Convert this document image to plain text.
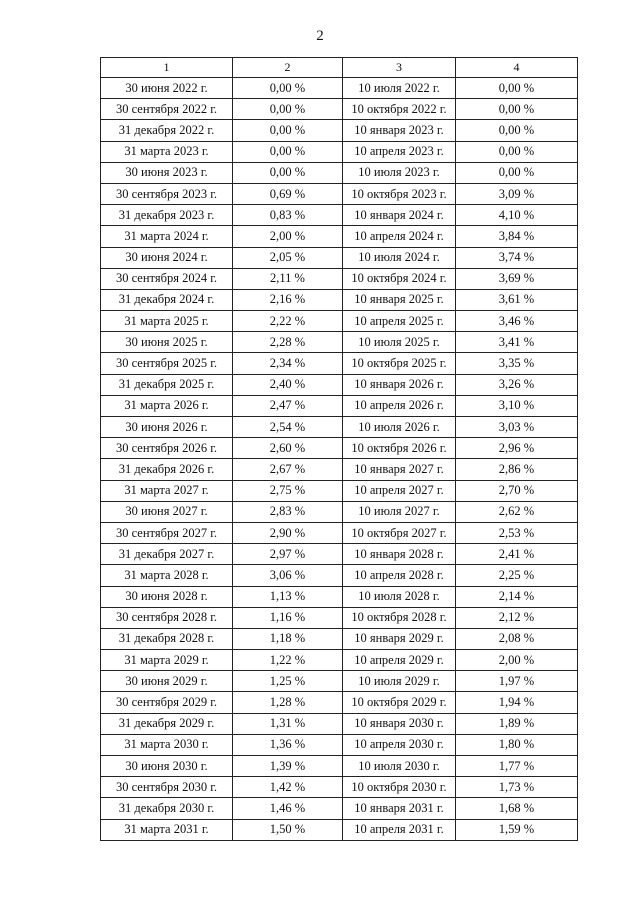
2
1	2	3	4
30 июня 2022 г.	0,00 %	10 июля 2022 г.	0,00 %
30 сентября 2022 г.	0,00 %	10 октября 2022 г.	0,00 %
31 декабря 2022 г.	0,00 %	10 января 2023 г.	0,00 %
31 марта 2023 г.	0,00 %	10 апреля 2023 г.	0,00 %
30 июня 2023 г.	0,00 %	10 июля 2023 г.	0,00 %
30 сентября 2023 г.	0,69 %	10 октября 2023 г.	3,09 %
31 декабря 2023 г.	0,83 %	10 января 2024 г.	4,10 %
31 марта 2024 г.	2,00 %	10 апреля 2024 г.	3,84 %
30 июня 2024 г.	2,05 %	10 июля 2024 г.	3,74 %
30 сентября 2024 г.	2,11 %	10 октября 2024 г.	3,69 %
31 декабря 2024 г.	2,16 %	10 января 2025 г.	3,61 %
31 марта 2025 г.	2,22 %	10 апреля 2025 г.	3,46 %
30 июня 2025 г.	2,28 %	10 июля 2025 г.	3,41 %
30 сентября 2025 г.	2,34 %	10 октября 2025 г.	3,35 %
31 декабря 2025 г.	2,40 %	10 января 2026 г.	3,26 %
31 марта 2026 г.	2,47 %	10 апреля 2026 г.	3,10 %
30 июня 2026 г.	2,54 %	10 июля 2026 г.	3,03 %
30 сентября 2026 г.	2,60 %	10 октября 2026 г.	2,96 %
31 декабря 2026 г.	2,67 %	10 января 2027 г.	2,86 %
31 марта 2027 г.	2,75 %	10 апреля 2027 г.	2,70 %
30 июня 2027 г.	2,83 %	10 июля 2027 г.	2,62 %
30 сентября 2027 г.	2,90 %	10 октября 2027 г.	2,53 %
31 декабря 2027 г.	2,97 %	10 января 2028 г.	2,41 %
31 марта 2028 г.	3,06 %	10 апреля 2028 г.	2,25 %
30 июня 2028 г.	1,13 %	10 июля 2028 г.	2,14 %
30 сентября 2028 г.	1,16 %	10 октября 2028 г.	2,12 %
31 декабря 2028 г.	1,18 %	10 января 2029 г.	2,08 %
31 марта 2029 г.	1,22 %	10 апреля 2029 г.	2,00 %
30 июня 2029 г.	1,25 %	10 июля 2029 г.	1,97 %
30 сентября 2029 г.	1,28 %	10 октября 2029 г.	1,94 %
31 декабря 2029 г.	1,31 %	10 января 2030 г.	1,89 %
31 марта 2030 г.	1,36 %	10 апреля 2030 г.	1,80 %
30 июня 2030 г.	1,39 %	10 июля 2030 г.	1,77 %
30 сентября 2030 г.	1,42 %	10 октября 2030 г.	1,73 %
31 декабря 2030 г.	1,46 %	10 января 2031 г.	1,68 %
31 марта 2031 г.	1,50 %	10 апреля 2031 г.	1,59 %
